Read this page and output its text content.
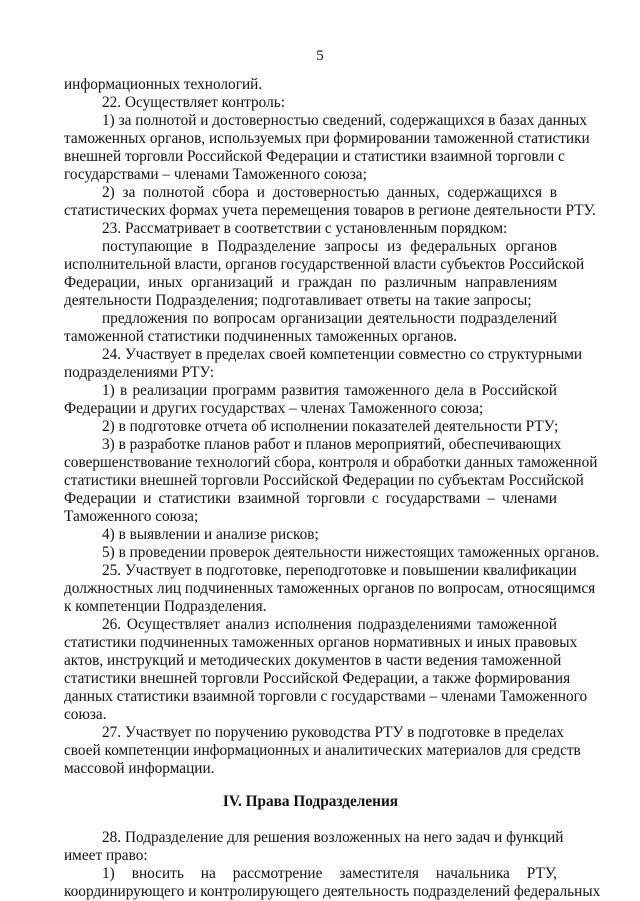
5
информационных технологий.
22. Осуществляет контроль:
1) за полнотой и достоверностью сведений, содержащихся в базах данных
таможенных органов, используемых при формировании таможенной статистики
внешней торговли Российской Федерации и статистики взаимной торговли с
государствами – членами Таможенного союза;
2) за полнотой сбора и достоверностью данных, содержащихся в
статистических формах учета перемещения товаров в регионе деятельности РТУ.
23. Рассматривает в соответствии с установленным порядком:
поступающие в Подразделение запросы из федеральных органов
исполнительной власти, органов государственной власти субъектов Российской
Федерации, иных организаций и граждан по различным направлениям
деятельности Подразделения; подготавливает ответы на такие запросы;
предложения по вопросам организации деятельности подразделений
таможенной статистики подчиненных таможенных органов.
24. Участвует в пределах своей компетенции совместно со структурными
подразделениями РТУ:
1) в реализации программ развития таможенного дела в Российской
Федерации и других государствах – членах Таможенного союза;
2) в подготовке отчета об исполнении показателей деятельности РТУ;
3) в разработке планов работ и планов мероприятий, обеспечивающих
совершенствование технологий сбора, контроля и обработки данных таможенной
статистики внешней торговли Российской Федерации по субъектам Российской
Федерации и статистики взаимной торговли с государствами – членами
Таможенного союза;
4) в выявлении и анализе рисков;
5) в проведении проверок деятельности нижестоящих таможенных органов.
25. Участвует в подготовке, переподготовке и повышении квалификации
должностных лиц подчиненных таможенных органов по вопросам, относящимся
к компетенции Подразделения.
26. Осуществляет анализ исполнения подразделениями таможенной
статистики подчиненных таможенных органов нормативных и иных правовых
актов, инструкций и методических документов в части ведения таможенной
статистики внешней торговли Российской Федерации, а также формирования
данных статистики взаимной торговли с государствами – членами Таможенного
союза.
27. Участвует по поручению руководства РТУ в подготовке в пределах
своей компетенции информационных и аналитических материалов для средств
массовой информации.
IV. Права Подразделения
28. Подразделение для решения возложенных на него задач и функций
имеет право:
1) вносить на рассмотрение заместителя начальника РТУ,
координирующего и контролирующего деятельность подразделений федеральных
